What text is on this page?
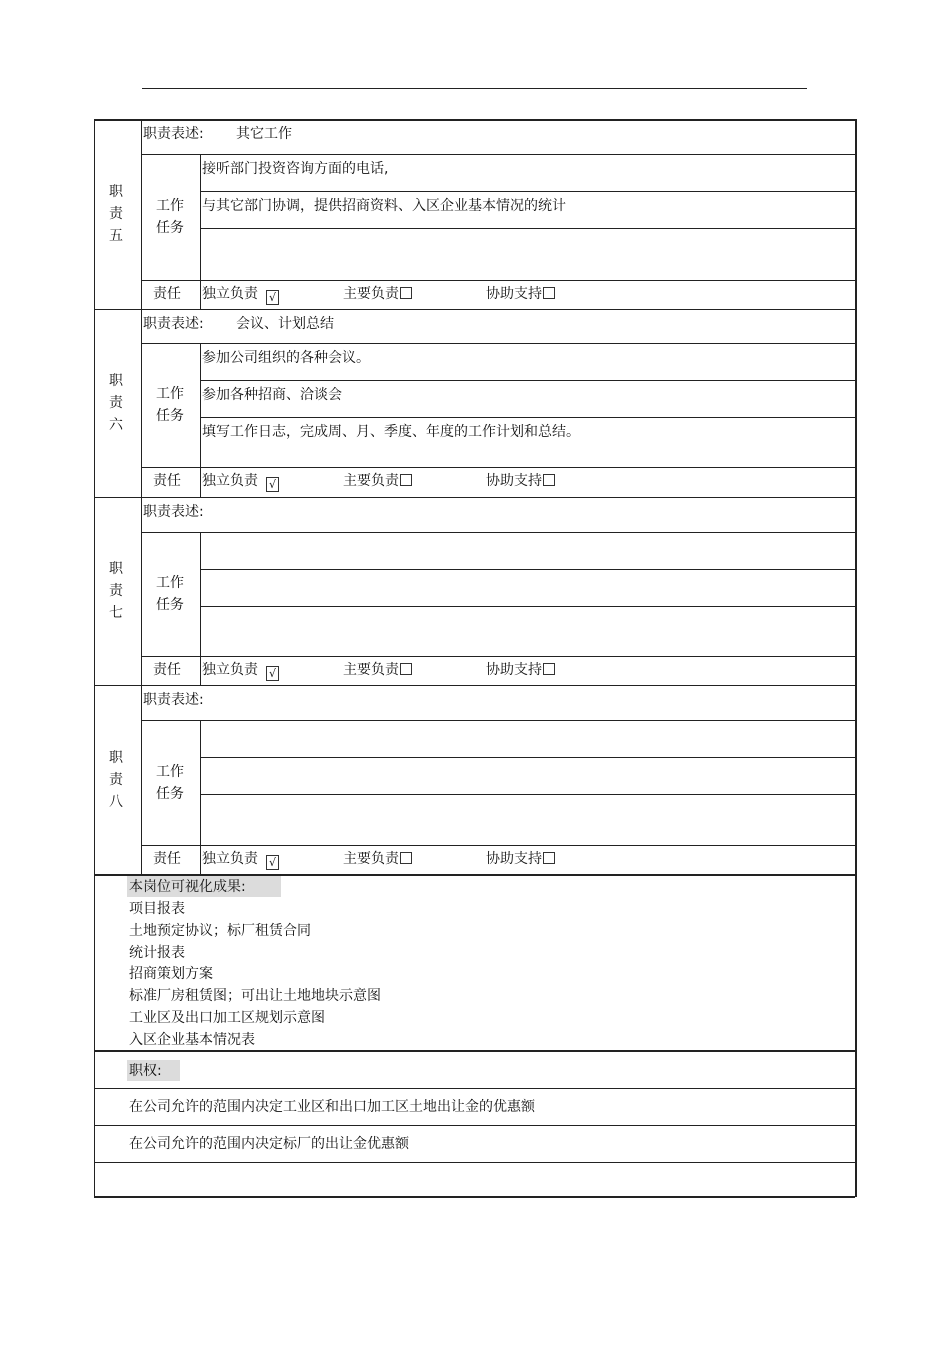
职
责
五
职责表述: 其它工作
工作
任务
接听部门投资咨询方面的电话,
与其它部门协调，提供招商资料、入区企业基本情况的统计
责任 独立负责 √	主要负责	协助支持
职
责
六
职责表述: 会议、计划总结
工作
任务
参加公司组织的各种会议。
参加各种招商、洽谈会
填写工作日志，完成周、月、季度、年度的工作计划和总结。
责任 独立负责 √	主要负责	协助支持
职
责
七
职责表述:
工作
任务
责任 独立负责 √	主要负责	协助支持
职
责
八
职责表述:
工作
任务
责任 独立负责 √	主要负责	协助支持
本岗位可视化成果:
项目报表
土地预定协议；标厂租赁合同
统计报表
招商策划方案
标准厂房租赁图；可出让土地地块示意图
工业区及出口加工区规划示意图
入区企业基本情况表
职权:
在公司允许的范围内决定工业区和出口加工区土地出让金的优惠额
在公司允许的范围内决定标厂的出让金优惠额
